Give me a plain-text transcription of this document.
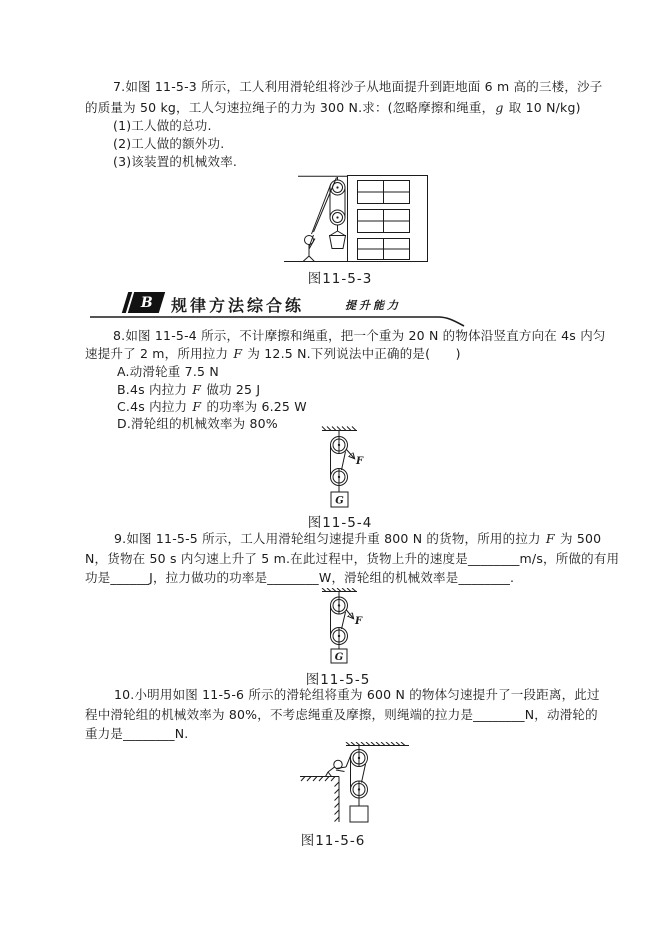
7.如图 11-5-3 所示，工人利用滑轮组将沙子从地面提升到距地面 6 m 高的三楼，沙子
的质量为 50 kg，工人匀速拉绳子的力为 300 N.求：(忽略摩擦和绳重，g 取 10 N/kg)
(1)工人做的总功.
(2)工人做的额外功.
(3)该装置的机械效率.
图11-5-3
B 规律方法综合练	提升能力
8.如图 11-5-4 所示，不计摩擦和绳重，把一个重为 20 N 的物体沿竖直方向在 4s 内匀
速提升了 2 m，所用拉力 F 为 12.5 N.下列说法中正确的是(　　)
A.动滑轮重 7.5 N
B.4s 内拉力 F 做功 25 J
C.4s 内拉力 F 的功率为 6.25 W
D.滑轮组的机械效率为 80%
F
G
图11-5-4
9.如图 11-5-5 所示，工人用滑轮组匀速提升重 800 N 的货物，所用的拉力 F 为 500
N，货物在 50 s 内匀速上升了 5 m.在此过程中，货物上升的速度是________m/s，所做的有用
功是______J，拉力做功的功率是________W，滑轮组的机械效率是________.
F
G
图11-5-5
10.小明用如图 11-5-6 所示的滑轮组将重为 600 N 的物体匀速提升了一段距离，此过
程中滑轮组的机械效率为 80%，不考虑绳重及摩擦，则绳端的拉力是________N，动滑轮的
重力是________N.
图11-5-6
